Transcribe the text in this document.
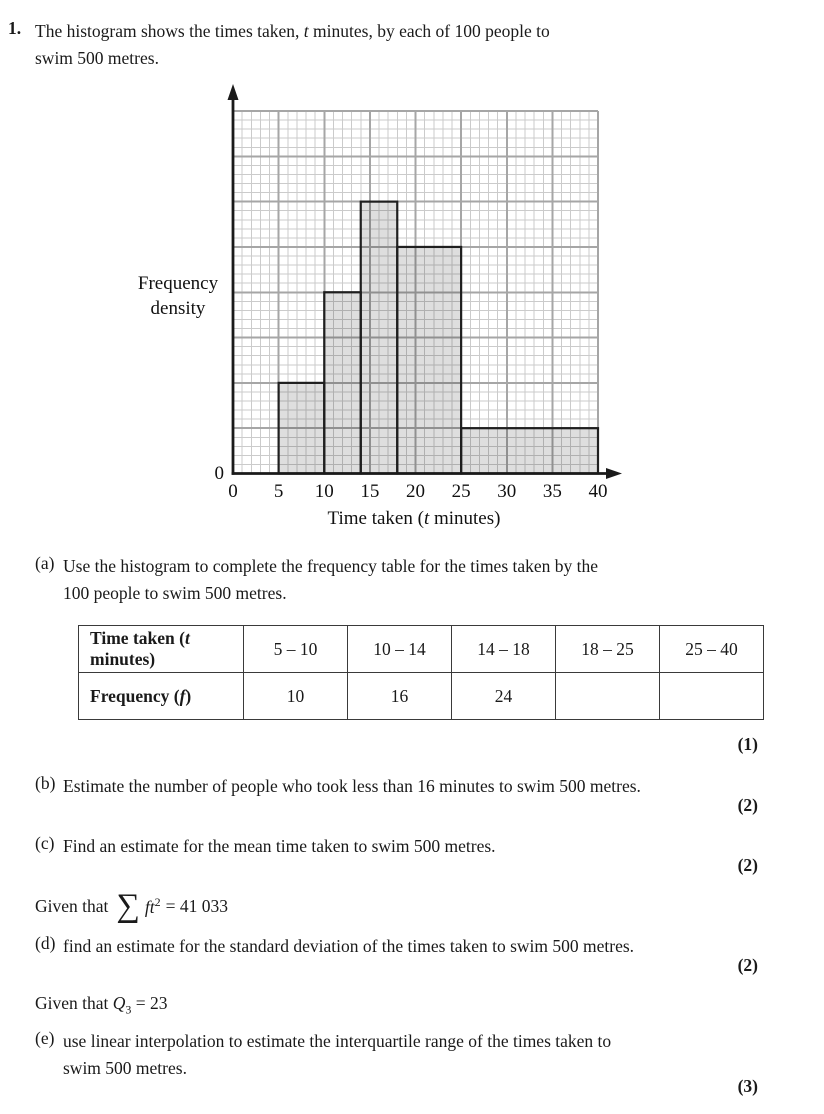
1. The histogram shows the times taken, t minutes, by each of 100 people to
swim 500 metres.
0 5 10 15 20 25 30 35 40
0
Frequency
density
Time taken (t minutes)
(a) Use the histogram to complete the frequency table for the times taken by the
100 people to swim 500 metres.
Time taken (t minutes)	5 – 10	10 – 14	14 – 18	18 – 25	25 – 40
Frequency (f)	10	16	24		
(1)
(b) Estimate the number of people who took less than 16 minutes to swim 500 metres.
(2)
(c) Find an estimate for the mean time taken to swim 500 metres.
(2)
Given that ∑ $ft^2 = 41$ 033
(d) find an estimate for the standard deviation of the times taken to swim 500 metres.
(2)
Given that $Q_3 = 23$
(e) use linear interpolation to estimate the interquartile range of the times taken to
swim 500 metres.
(3)
